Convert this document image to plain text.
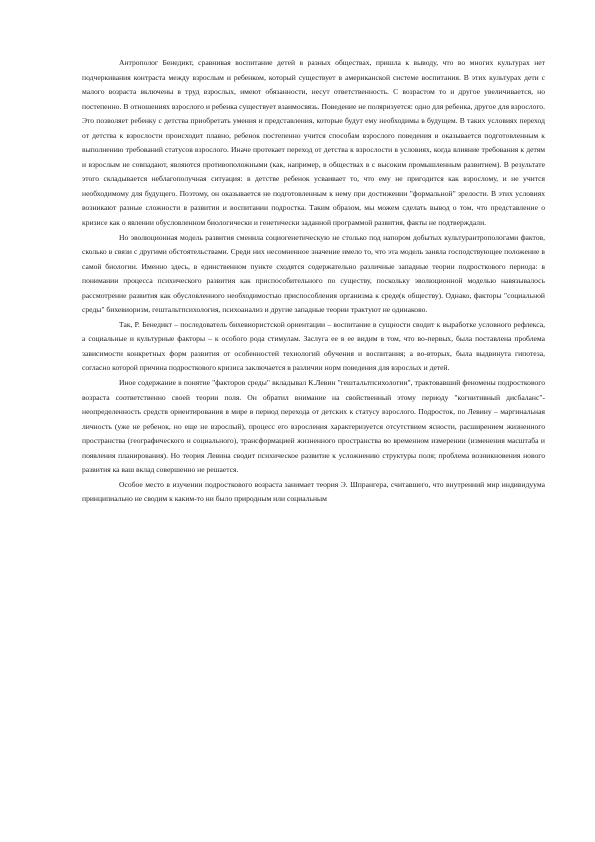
Антрополог Бенедикт, сравнивая воспитание детей в разных обществах, пришла к выводу, что во многих культурах нет подчеркивания контраста между взрослым и ребенком, который существует в американской системе воспитания. В этих культурах дети с малого возраста включены в труд взрослых, имеют обязанности, несут ответственность. С возрастом то и другое увеличивается, но постепенно. В отношениях взрослого и ребенка существует взаимосвязь. Поведение не поляризуется: одно для ребенка, другое для взрослого. Это позволяет ребенку с детства приобретать умения и представления, которые будут ему необходимы в будущем. В таких условиях переход от детства к взрослости происходит плавно, ребенок постепенно учится способам взрослого поведения и оказывается подготовленным к выполнению требований статусов взрослого. Иначе протекает переход от детства к взрослости в условиях, когда влияние требования к детям и взрослым не совпадают, являются противоположными (как, например, в обществах в с высоким промышленным развитием). В результате этого складывается неблагополучная ситуация: в детстве ребенок усваивает то, что ему не пригодится как взрослому, и не учится необходимому для будущего. Поэтому, он оказывается не подготовленным к нему при достижении "формальной" зрелости. В этих условиях возникают разные сложности в развитии и воспитании подростка. Таким образом, мы можем сделать вывод о том, что представление о кризисе как о явлении обусловленном биологически и генетически заданной программой развития, факты не подтверждали.

Но эволюционная модель развития сменила социогенетическую не столько под напором добытых культурантропологами фактов, сколько в связи с другими обстоятельствами. Среди них несомненное значение имело то, что эта модель заняла господствующее положение в самой биологии. Именно здесь, в единственном пункте сходятся содержательно различные западные теории подросткового периода: в понимании процесса психического развития как приспособительного по существу, поскольку эволюционной моделью навязывалось рассмотрение развития как обусловленного необходимостью приспособления организма к среде(к обществу). Однако, факторы "социальной среды" бихевиоризм, гештальтпсихология, психоанализ и другие западные теории трактуют не одинаково.

Так, Р. Бенедикт – последователь бихевиористской ориентации – воспитание в сущности сводит к выработке условного рефлекса, а социальные и культурные факторы – к особого рода стимулам. Заслуга ее в ее видим в том, что во-первых, была поставлена проблема зависимости конкретных форм развития от особенностей технологий обучения и воспитания; а во-вторых, была выдвинута гипотеза, согласно которой причина подросткового кризиса заключается в различии норм поведения для взрослых и детей.

Иное содержание в понятие "факторов среды" вкладывал К.Левин "гештальтпсихологии", трактовавший феномены подросткового возраста соответственно своей теории поля. Он обратил внимание на свойственный этому периоду "когнитивный дисбаланс"- неопределенность средств ориентирования в мире в период перехода от детских к статусу взрослого. Подросток, по Левину – маргинальная личность (уже не ребенок, но еще не взрослый), процесс его взросления характеризуется отсутствием ясности, расширением жизненного пространства (географического и социального), трансформацией жизненного пространства во временном измерении (изменения масштаба и появления планирования). Но теория Левина сводит психическое развитие к усложнению структуры поля; проблема возникновения нового развития ка ваш вклад совершенно не решается.

Особое место в изучении подросткового возраста занимает теория Э. Шпрангера, считавшего, что внутренний мир индивидуума принципиально не сводим к каким-то ни было природным или социальным
